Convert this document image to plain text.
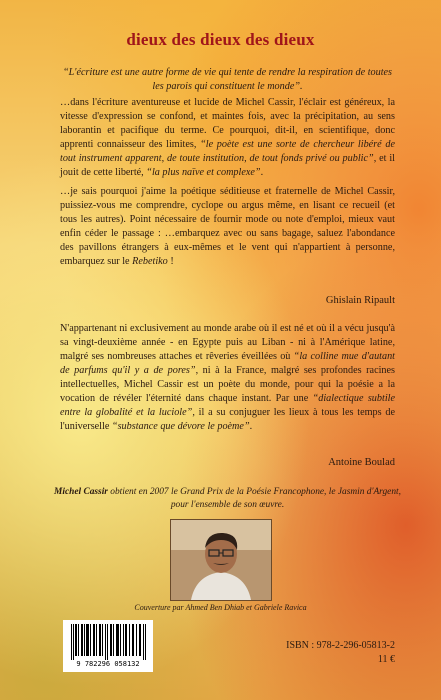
dieux des dieux des dieux
“L'écriture est une autre forme de vie qui tente de rendre la respiration de toutes les parois qui constituent le monde”.

…dans l'écriture aventureuse et lucide de Michel Cassir, l'éclair est généreux, la vitesse d'expression se confond, et maintes fois, avec la précipitation, au sens laborantin et pacifique du terme. Ce pourquoi, dit-il, en scientifique, donc apprenti connaisseur des limites, “le poète est une sorte de chercheur libéré de tout instrument apparent, de toute institution, de tout fonds privé ou public”, et il jouit de cette liberté, “la plus naïve et complexe”.

…je sais pourquoi j'aime la poétique séditieuse et fraternelle de Michel Cassir, puissiez-vous me comprendre, cyclope ou argus même, en lisant ce recueil (et tous les autres). Point nécessaire de fournir mode ou note d'emploi, mieux vaut enfin céder le passage : …embarquez avec ou sans bagage, saluez l'abondance des pavillons étrangers à eux-mêmes et le vent qui n'appartient à personne, embarquez sur le Rebetiko !

Ghislain Ripault

N'appartenant ni exclusivement au monde arabe où il est né et où il a vécu jusqu'à sa vingt-deuxième année - en Egypte puis au Liban - ni à l'Amérique latine, malgré ses nombreuses attaches et rêveries éveillées où “la colline mue d'autant de parfums qu'il y a de pores”, ni à la France, malgré ses profondes racines intellectuelles, Michel Cassir est un poète du monde, pour qui la poésie a la vocation de révéler l'éternité dans chaque instant. Par une “dialectique subtile entre la globalité et la luciole”, il a su conjuguer les lieux à tous les temps de l'universelle “substance que dévore le poème”.

Antoine Boulad
Michel Cassir obtient en 2007 le Grand Prix de la Poésie Francophone, le Jasmin d'Argent, pour l'ensemble de son œuvre.
Couverture par Ahmed Ben Dhiab et Gabriele Ravica
9 782296 058132
ISBN : 978-2-296-05813-2
11 €
